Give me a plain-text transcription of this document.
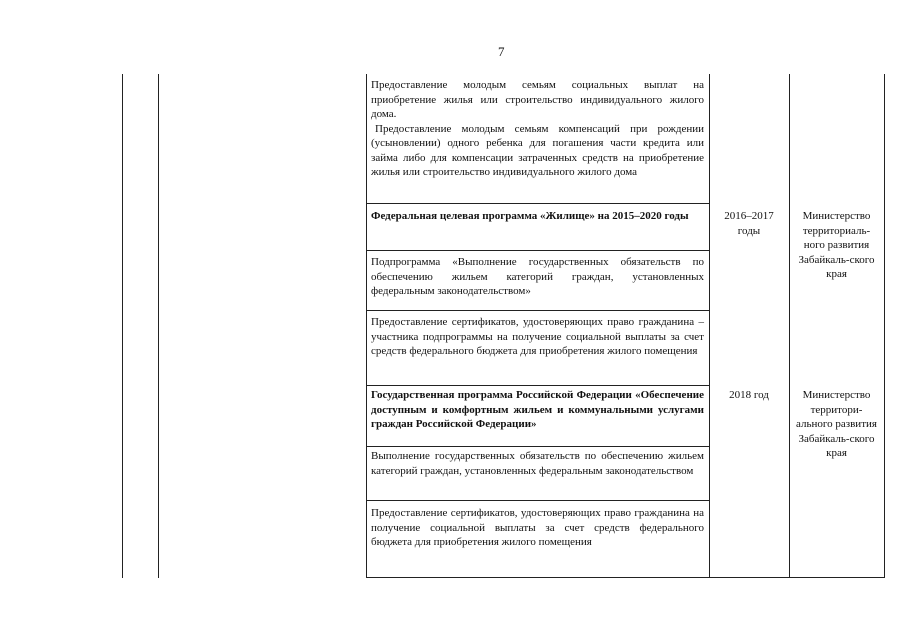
7

Предоставление молодым семьям социальных выплат на приобретение жилья или строительство индивидуального жилого дома.

Предоставление молодым семьям компенсаций при рождении (усыновлении) одного ребенка для погашения части кредита или займа либо для компенсации затраченных средств на приобретение жилья или строительство индивидуального жилого дома

Федеральная целевая программа «Жилище» на 2015–2020 годы	2016–2017 годы
Министерство территориаль-ного развития Забайкаль-ского края
Подпрограмма «Выполнение государственных обязательств по обеспечению жильем категорий граждан, установленных федеральным законодательством»
Предоставление сертификатов, удостоверяющих право гражданина – участника подпрограммы на получение социальной выплаты за счет средств федерального бюджета для приобретения жилого помещения
Государственная программа Российской Федерации «Обеспечение доступным и комфортным жильем и коммунальными услугами граждан Российской Федерации»
2018 год	Министерство территори-ального развития Забайкаль-ского края
Выполнение государственных обязательств по обеспечению жильем категорий граждан, установленных федеральным законодательством
Предоставление сертификатов, удостоверяющих право гражданина на получение социальной выплаты за счет средств федерального бюджета для приобретения жилого помещения
